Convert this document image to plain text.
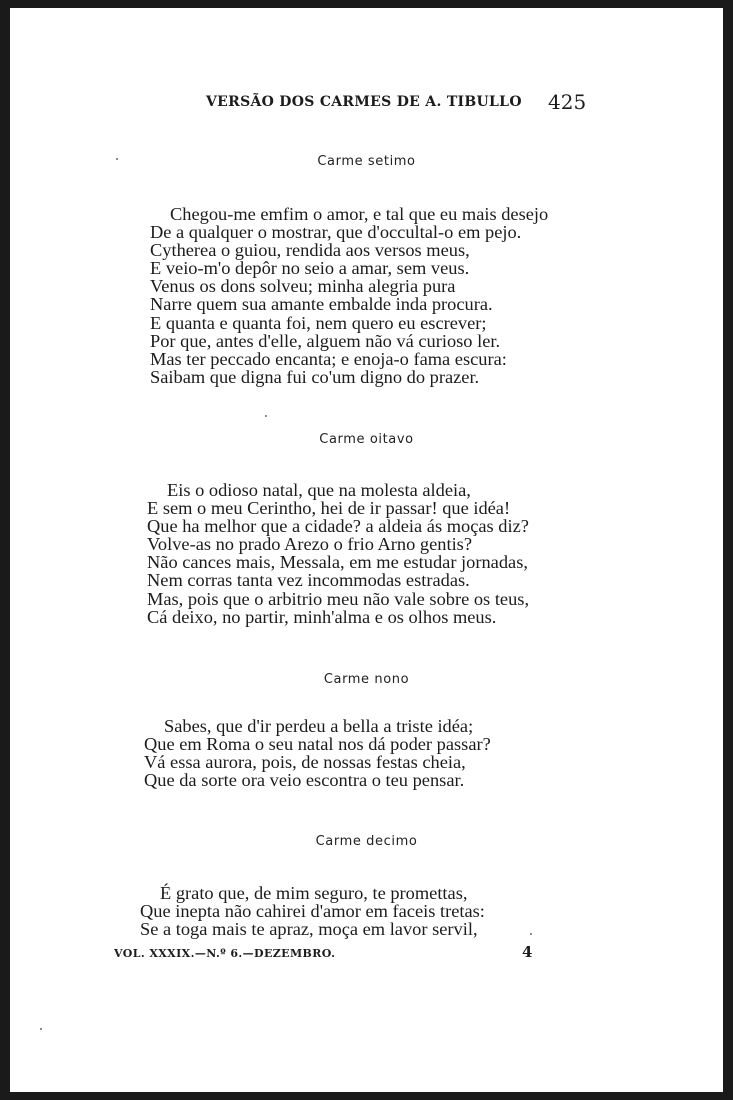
VERSÃO DOS CARMES DE A. TIBULLO 425
Carme setimo
Chegou-me emfim o amor, e tal que eu mais desejo
De a qualquer o mostrar, que d'occultal-o em pejo.
Cytherea o guiou, rendida aos versos meus,
E veio-m'o depôr no seio a amar, sem veus.
Venus os dons solveu; minha alegria pura
Narre quem sua amante embalde inda procura.
E quanta e quanta foi, nem quero eu escrever;
Por que, antes d'elle, alguem não vá curioso ler.
Mas ter peccado encanta; e enoja-o fama escura:
Saibam que digna fui co'um digno do prazer.
Carme oitavo
Eis o odioso natal, que na molesta aldeia,
E sem o meu Cerintho, hei de ir passar! que idéa!
Que ha melhor que a cidade? a aldeia ás moças diz?
Volve-as no prado Arezo o frio Arno gentis?
Não cances mais, Messala, em me estudar jornadas,
Nem corras tanta vez incommodas estradas.
Mas, pois que o arbitrio meu não vale sobre os teus,
Cá deixo, no partir, minh'alma e os olhos meus.
Carme nono
Sabes, que d'ir perdeu a bella a triste idéa;
Que em Roma o seu natal nos dá poder passar?
Vá essa aurora, pois, de nossas festas cheia,
Que da sorte ora veio escontra o teu pensar.
Carme decimo
É grato que, de mim seguro, te promettas,
Que inepta não cahirei d'amor em faceis tretas:
Se a toga mais te apraz, moça em lavor servil,
VOL. XXXIX.—N.º 6.—DEZEMBRO.	4
